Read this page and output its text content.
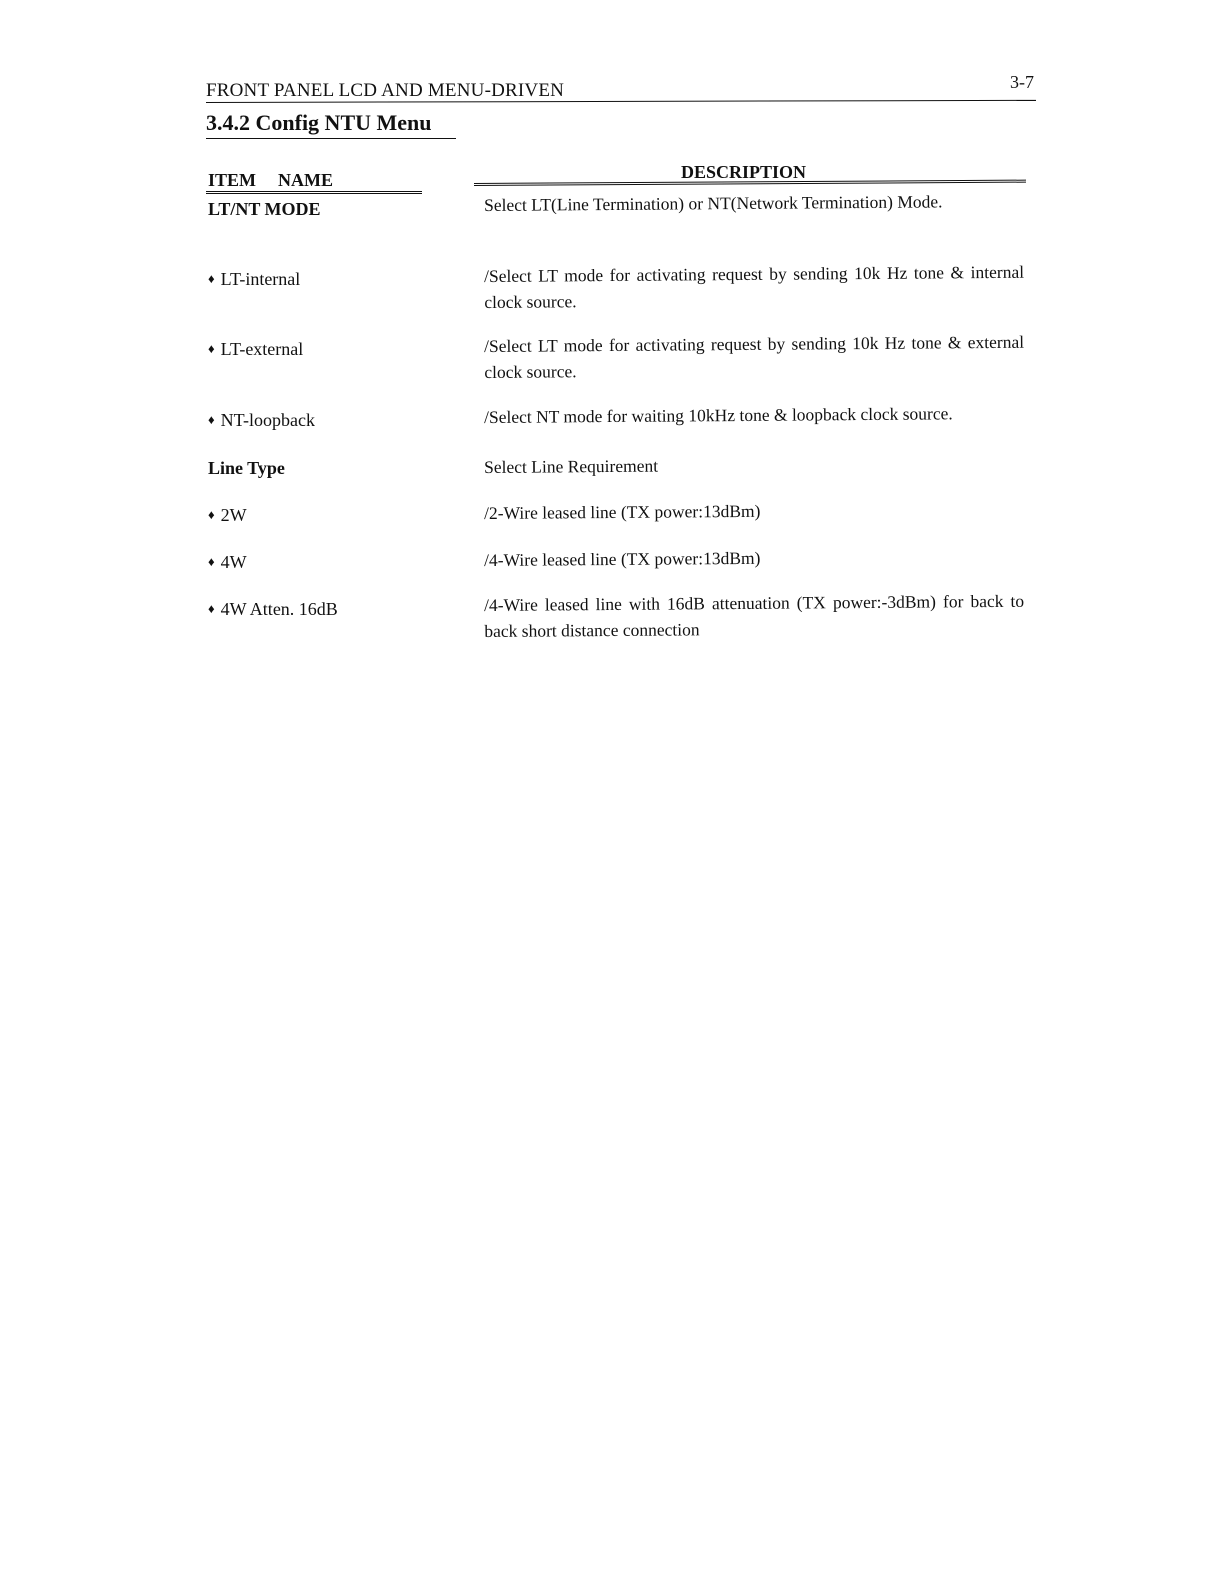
FRONT PANEL LCD AND MENU-DRIVEN	3-7
3.4.2 Config NTU Menu
ITEM NAME	DESCRIPTION
LT/NT MODE	Select LT(Line Termination) or NT(Network Termination) Mode.
♦ LT-internal	/Select LT mode for activating request by sending 10k Hz tone & internal clock source.
♦ LT-external	/Select LT mode for activating request by sending 10k Hz tone & external clock source.
♦ NT-loopback	/Select NT mode for waiting 10kHz tone & loopback clock source.
Line Type	Select Line Requirement
♦ 2W	/2-Wire leased line (TX power:13dBm)
♦ 4W	/4-Wire leased line (TX power:13dBm)
♦ 4W Atten. 16dB	/4-Wire leased line with 16dB attenuation (TX power:-3dBm) for back to back short distance connection
